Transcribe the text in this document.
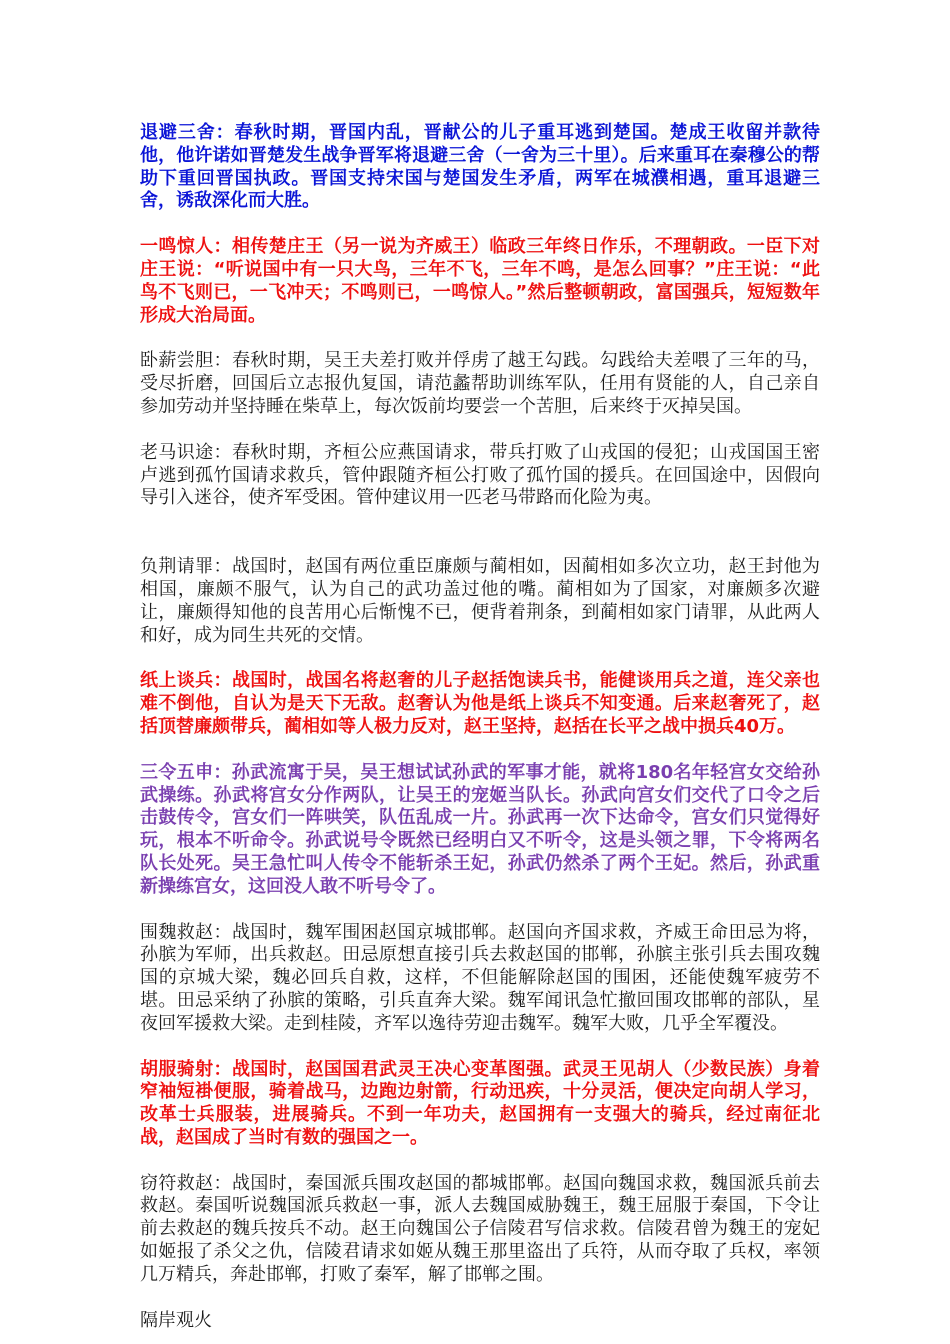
退避三舍：春秋时期，晋国内乱，晋献公的儿子重耳逃到楚国。楚成王收留并款待他，他许诺如晋楚发生战争晋军将退避三舍（一舍为三十里）。后来重耳在秦穆公的帮助下重回晋国执政。晋国支持宋国与楚国发生矛盾，两军在城濮相遇，重耳退避三舍，诱敌深化而大胜。

一鸣惊人：相传楚庄王（另一说为齐威王）临政三年终日作乐，不理朝政。一臣下对庄王说：“听说国中有一只大鸟，三年不飞，三年不鸣，是怎么回事？”庄王说：“此鸟不飞则已，一飞冲天；不鸣则已，一鸣惊人。”然后整顿朝政，富国强兵，短短数年形成大治局面。

卧薪尝胆：春秋时期，吴王夫差打败并俘虏了越王勾践。勾践给夫差喂了三年的马，受尽折磨，回国后立志报仇复国，请范蠡帮助训练军队，任用有贤能的人，自己亲自参加劳动并坚持睡在柴草上，每次饭前均要尝一个苦胆，后来终于灭掉吴国。

老马识途：春秋时期，齐桓公应燕国请求，带兵打败了山戎国的侵犯；山戎国国王密卢逃到孤竹国请求救兵，管仲跟随齐桓公打败了孤竹国的援兵。在回国途中，因假向导引入迷谷，使齐军受困。管仲建议用一匹老马带路而化险为夷。

负荆请罪：战国时，赵国有两位重臣廉颇与蔺相如，因蔺相如多次立功，赵王封他为相国，廉颇不服气，认为自己的武功盖过他的嘴。蔺相如为了国家，对廉颇多次避让，廉颇得知他的良苦用心后惭愧不已，便背着荆条，到蔺相如家门请罪，从此两人和好，成为同生共死的交情。

纸上谈兵：战国时，战国名将赵奢的儿子赵括饱读兵书，能健谈用兵之道，连父亲也难不倒他，自认为是天下无敌。赵奢认为他是纸上谈兵不知变通。后来赵奢死了，赵括顶替廉颇带兵，蔺相如等人极力反对，赵王坚持，赵括在长平之战中损兵40万。

三令五申：孙武流寓于吴，吴王想试试孙武的军事才能，就将180名年轻宫女交给孙武操练。孙武将宫女分作两队，让吴王的宠姬当队长。孙武向宫女们交代了口令之后击鼓传令，宫女们一阵哄笑，队伍乱成一片。孙武再一次下达命令，宫女们只觉得好玩，根本不听命令。孙武说号令既然已经明白又不听令，这是头领之罪，下令将两名队长处死。吴王急忙叫人传令不能斩杀王妃，孙武仍然杀了两个王妃。然后，孙武重新操练宫女，这回没人敢不听号令了。

围魏救赵：战国时，魏军围困赵国京城邯郸。赵国向齐国求救，齐威王命田忌为将，孙膑为军师，出兵救赵。田忌原想直接引兵去救赵国的邯郸，孙膑主张引兵去围攻魏国的京城大梁，魏必回兵自救，这样，不但能解除赵国的围困，还能使魏军疲劳不堪。田忌采纳了孙膑的策略，引兵直奔大梁。魏军闻讯急忙撤回围攻邯郸的部队，星夜回军援救大梁。走到桂陵，齐军以逸待劳迎击魏军。魏军大败，几乎全军覆没。

胡服骑射：战国时，赵国国君武灵王决心变革图强。武灵王见胡人（少数民族）身着窄袖短褂便服，骑着战马，边跑边射箭，行动迅疾，十分灵活，便决定向胡人学习，改革士兵服装，进展骑兵。不到一年功夫，赵国拥有一支强大的骑兵，经过南征北战，赵国成了当时有数的强国之一。

窃符救赵：战国时，秦国派兵围攻赵国的都城邯郸。赵国向魏国求救，魏国派兵前去救赵。秦国听说魏国派兵救赵一事，派人去魏国威胁魏王，魏王屈服于秦国，下令让前去救赵的魏兵按兵不动。赵王向魏国公子信陵君写信求救。信陵君曾为魏王的宠妃如姬报了杀父之仇，信陵君请求如姬从魏王那里盗出了兵符，从而夺取了兵权，率领几万精兵，奔赴邯郸，打败了秦军，解了邯郸之围。

隔岸观火
